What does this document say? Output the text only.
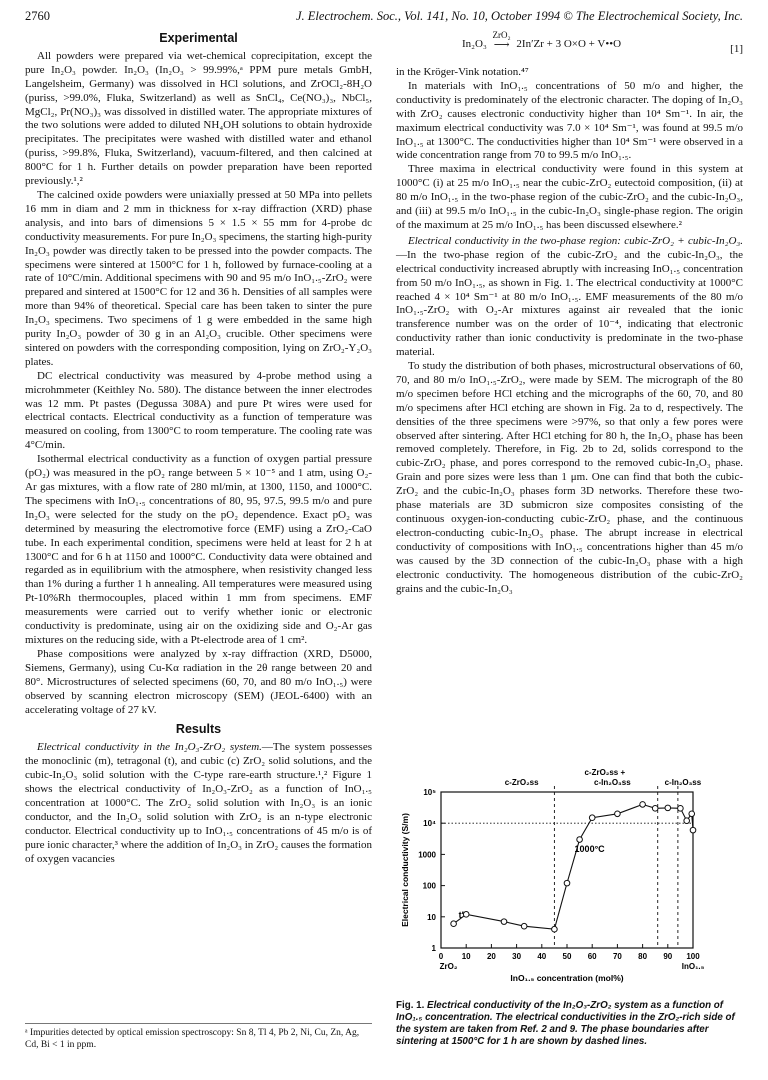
2760	J. Electrochem. Soc., Vol. 141, No. 10, October 1994 © The Electrochemical Society, Inc.
Experimental

All powders were prepared via wet-chemical coprecipitation, except the pure In₂O₃ powder. In₂O₃ (In₂O₃ > 99.99%,ᵃ PPM pure metals GmbH, Langelsheim, Germany) was dissolved in HCl solutions, and ZrOCl₂-8H₂O (puriss, >99.0%, Fluka, Switzerland) as well as SnCl₄, Ce(NO₃)₃, NbCl₅, MgCl₂, Pr(NO₃)₃ was dissolved in distilled water. The appropriate mixtures of the two solutions were added to diluted NH₄OH solutions to obtain hydroxide precipitates. The precipitates were washed with distilled water and ethanol (puriss, >99.8%, Fluka, Switzerland), vacuum-filtered, and then calcined at 800°C for 1 h. Further details on powder preparation have been reported previously.¹,²

The calcined oxide powders were uniaxially pressed at 50 MPa into pellets 16 mm in diam and 2 mm in thickness for x-ray diffraction (XRD) phase analysis, and into bars of dimensions 5 × 1.5 × 55 mm for 4-probe dc conductivity measurements. For pure In₂O₃ specimens, the starting high-purity In₂O₃ powder was directly taken to be pressed into the powder compacts. The specimens were sintered at 1500°C for 1 h, followed by furnace-cooling at a rate of 10°C/min. Additional specimens with 90 and 95 m/o InO₁.₅-ZrO₂ were prepared and sintered at 1500°C for 12 and 36 h. Densities of all samples were more than 94% of theoretical. Special care has been taken to sinter the pure In₂O₃ specimens. Two specimens of 1 g were embedded in the same high purity In₂O₃ powder of 30 g in an Al₂O₃ crucible. Other specimens were sintered on powders with the corresponding composition, lying on ZrO₂-Y₂O₃ plates.

DC electrical conductivity was measured by 4-probe method using a microhmmeter (Keithley No. 580). The distance between the inner electrodes was 12 mm. Pt pastes (Degussa 308A) and pure Pt wires were used for electrical contacts. Electrical conductivity as a function of temperature was measured on cooling, from 1300°C to room temperature. The cooling rate was 4°C/min.

Isothermal electrical conductivity as a function of oxygen partial pressure (pO₂) was measured in the pO₂ range between 5 × 10⁻⁵ and 1 atm, using O₂-Ar gas mixtures, with a flow rate of 280 ml/min, at 1300, 1150, and 1000°C. The specimens with InO₁.₅ concentrations of 80, 95, 97.5, 99.5 m/o and pure In₂O₃ were selected for the study on the pO₂ dependence. Exact pO₂ was determined by measuring the electromotive force (EMF) using a ZrO₂-CaO tube. In each experimental condition, specimens were held at least for 2 h at 1300°C and for 6 h at 1150 and 1000°C. Conductivity data were obtained and regarded as in equilibrium with the atmosphere, when resistivity changed less than 1% during a further 1 h annealing. All temperatures were measured using Pt-10%Rh thermocouples, placed within 1 mm from specimens. EMF measurements were carried out to verify whether ionic or electronic conductivity is predominate, using air on the oxidizing side and O₂-Ar gas mixtures on the reducing side, with a Pt-electrode area of 1 cm².

Phase compositions were analyzed by x-ray diffraction (XRD, D5000, Siemens, Germany), using Cu-Kα radiation in the 2θ range between 20 and 80°. Microstructures of selected specimens (60, 70, and 80 m/o InO₁.₅) were observed by scanning electron microscopy (SEM) (JEOL-6400) with an accelerating voltage of 27 kV.

Results

Electrical conductivity in the In₂O₃-ZrO₂ system.—The system possesses the monoclinic (m), tetragonal (t), and cubic (c) ZrO₂ solid solutions, and the cubic-In₂O₃ solid solution with the C-type rare-earth structure.¹,² Figure 1 shows the electrical conductivity of In₂O₃-ZrO₂ as a function of InO₁.₅ concentration at 1000°C. The ZrO₂ solid solution with In₂O₃ is an ionic conductor, and the In₂O₃ solid solution with ZrO₂ is an n-type electronic conductor. Electrical conductivity up to InO₁.₅ concentrations of 45 m/o is of pure ionic character,³ where the addition of In₂O₃ in ZrO₂ causes the formation of oxygen vacancies

ᵃ Impurities detected by optical emission spectroscopy: Sn 8, Tl 4, Pb 2, Ni, Cu, Zn, Ag, Cd, Bi < 1 in ppm.
In₂O₃
ZrO₂
⟶ 2In′Zr + 3 O×O + V••O	[1]

in the Kröger-Vink notation.⁴⁷

In materials with InO₁.₅ concentrations of 50 m/o and higher, the conductivity is predominately of the electronic character. The doping of In₂O₃ with ZrO₂ causes electronic conductivity higher than 10⁴ Sm⁻¹. In air, the maximum electrical conductivity was 7.0 × 10⁴ Sm⁻¹, was found at 99.5 m/o InO₁.₅ at 1300°C. The conductivities higher than 10⁴ Sm⁻¹ were observed in a wide concentration range from 70 to 99.5 m/o InO₁.₅.

Three maxima in electrical conductivity were found in this system at 1000°C (i) at 25 m/o InO₁.₅ near the cubic-ZrO₂ eutectoid composition, (ii) at 80 m/o InO₁.₅ in the two-phase region of the cubic-ZrO₂ and the cubic-In₂O₃, and (iii) at 99.5 m/o InO₁.₅ in the cubic-In₂O₃ single-phase region. The origin of the maximum at 25 m/o InO₁.₅ has been discussed elsewhere.²

Electrical conductivity in the two-phase region: cubic-ZrO₂ + cubic-In₂O₃.—In the two-phase region of the cubic-ZrO₂ and the cubic-In₂O₃, the electrical conductivity increased abruptly with increasing InO₁.₅ concentration from 50 m/o InO₁.₅, as shown in Fig. 1. The electrical conductivity at 1000°C reached 4 × 10⁴ Sm⁻¹ at 80 m/o InO₁.₅. EMF measurements of the 80 m/o InO₁.₅-ZrO₂ with O₂-Ar mixtures against air revealed that the ionic transference number was on the order of 10⁻⁴, indicating that electronic conductivity rather than ionic conductivity is predominate in the two-phase material.

To study the distribution of both phases, microstructural observations of 60, 70, and 80 m/o InO₁.₅-ZrO₂, were made by SEM. The micrograph of the 80 m/o specimen before HCl etching and the micrographs of the 60, 70, and 80 m/o specimens after HCl etching are shown in Fig. 2a to d, respectively. The densities of the three specimens were >97%, so that only a few pores were observed after sintering. After HCl etching for 80 h, the In₂O₃ phase has been removed completely. Therefore, in Fig. 2b to 2d, solids correspond to the cubic-ZrO₂ phase, and pores correspond to the removed cubic-In₂O₃ phase. Grain and pore sizes were less than 1 μm. One can find that both the cubic-ZrO₂ and the cubic-In₂O₃ phases form 3D networks. Therefore these two-phase materials are 3D submicron size composites consisting of the continuous oxygen-ion-conducting cubic-ZrO₂ phase, and the continuous electron-conducting cubic-In₂O₃ phase. The abrupt increase in electrical conductivity of compositions with InO₁.₅ concentrations higher than 45 m/o was caused by the 3D connection of the cubic-In₂O₃ phase with a high electronic conductivity. The homogeneous distribution of the cubic-ZrO₂ grains and the cubic-In₂O₃

0 10 20 30 40 50 60 70 80 90 100
1
10
100
1000
10⁴
10⁵
ZrO₂	InO₁.₅
InO₁.₅ concentration (mol%)
Electrical conductivity (S/m)	t′
1000°C
c-ZrO₂ss
c-ZrO₂ss +
c-In₂O₃ss	c-In₂O₃ss
Fig. 1. Electrical conductivity of the In₂O₃-ZrO₂ system as a function of InO₁.₅ concentration. The electrical conductivities in the ZrO₂-rich side of the system are taken from Ref. 2 and 9. The phase boundaries after sintering at 1500°C for 1 h are shown by dashed lines.
